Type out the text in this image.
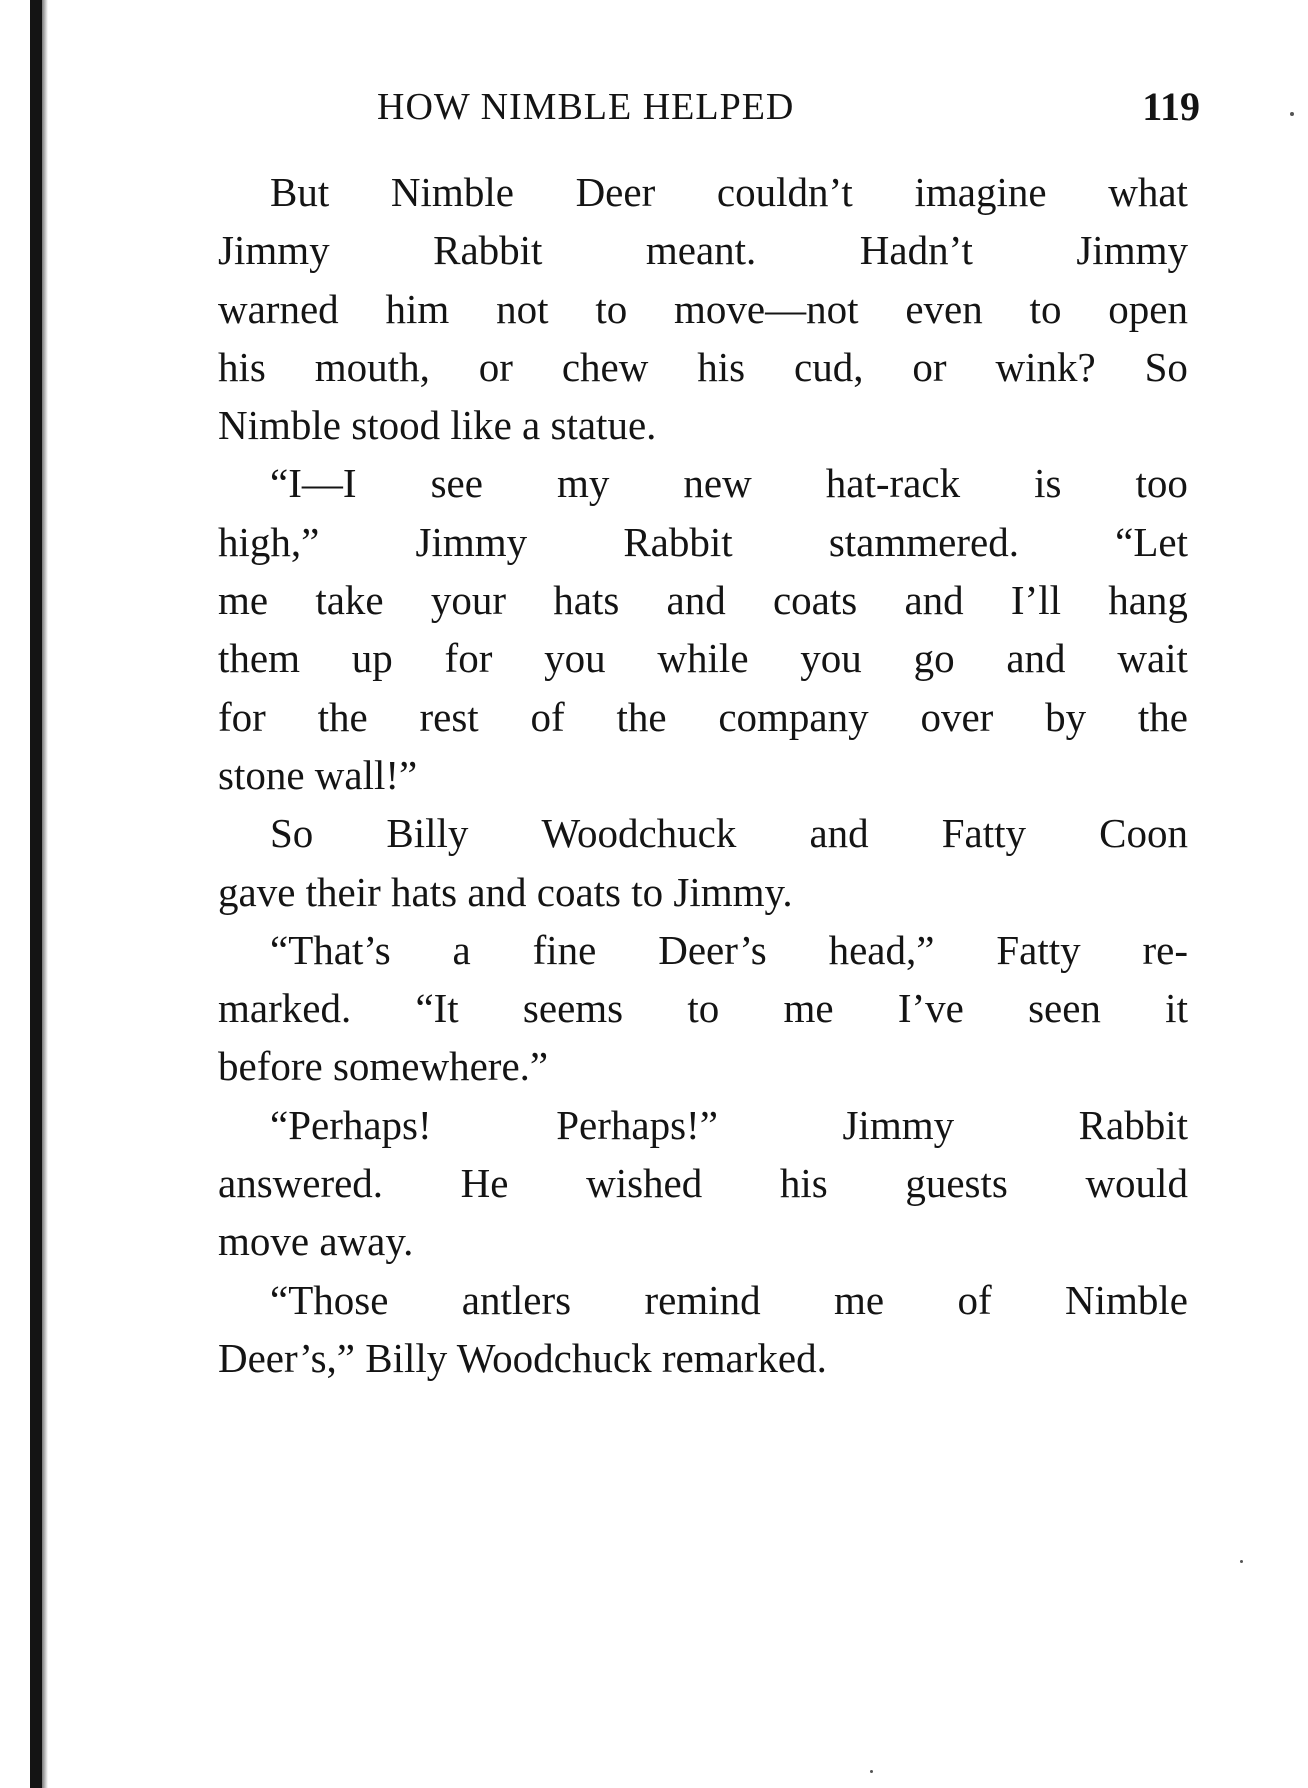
HOW NIMBLE HELPED	119
But Nimble Deer couldn’t imagine what
Jimmy	Rabbit	meant.	Hadn’t	Jimmy
warned him not to move—not even to open
his mouth, or chew his cud, or wink? So
Nimble stood like a statue.
“I—I see my new hat-rack is too
high,” Jimmy Rabbit stammered. “Let
me take your hats and coats and I’ll hang
them up for you while you go and wait
for the rest of the company over by the
stone wall!”
So Billy Woodchuck and Fatty Coon
gave their hats and coats to Jimmy.
“That’s a fine Deer’s head,” Fatty re-
marked. “It seems to me I’ve seen it
before somewhere.”
“Perhaps!	Perhaps!”	Jimmy	Rabbit
answered. He wished his guests would
move away.
“Those antlers remind me of Nimble
Deer’s,” Billy Woodchuck remarked.
